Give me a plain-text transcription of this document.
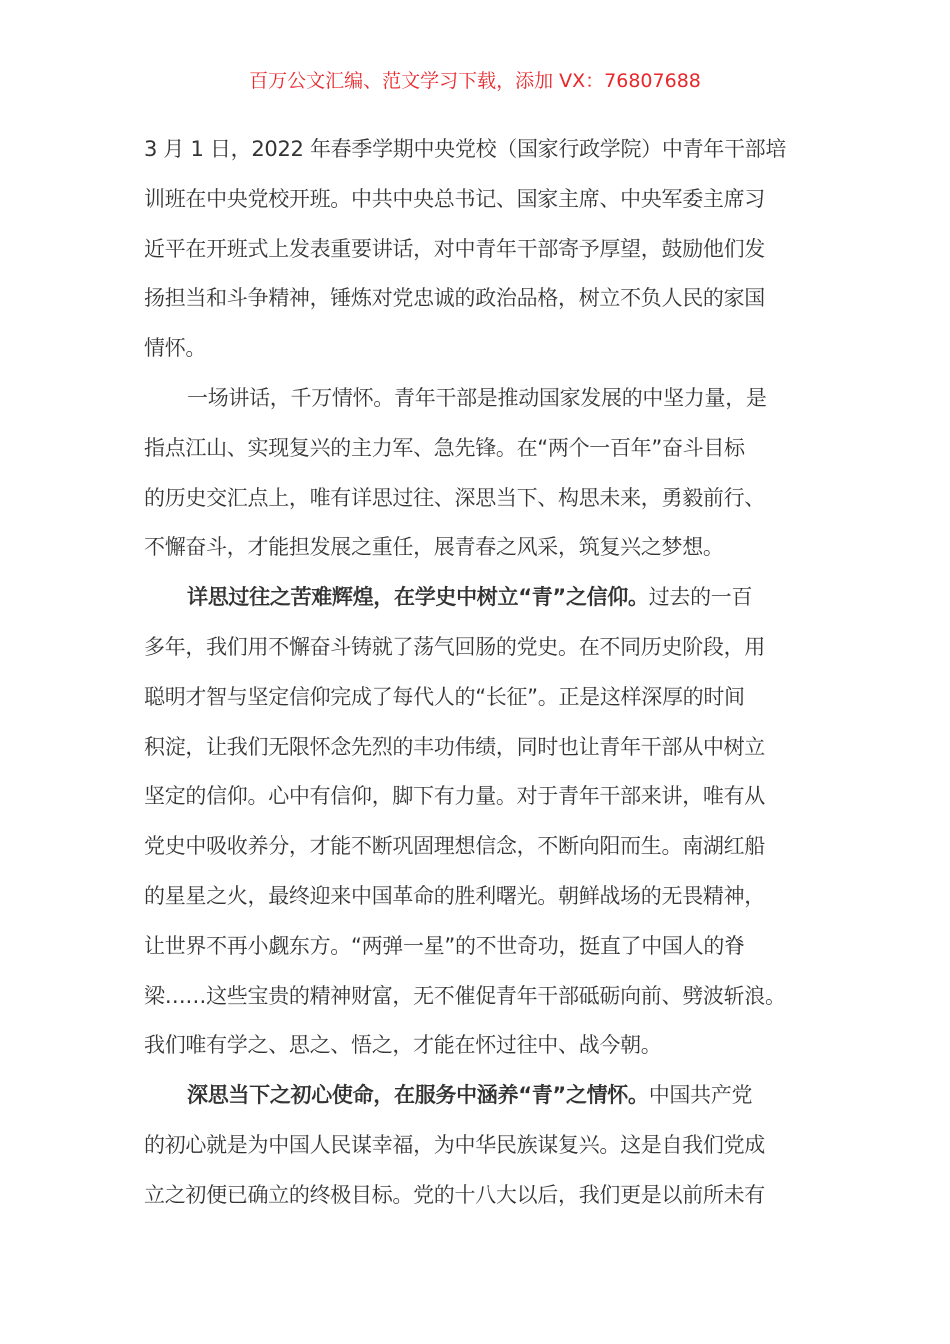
百万公文汇编、范文学习下载，添加 VX：76807688
3 月 1 日，2022 年春季学期中央党校（国家行政学院）中青年干部培
训班在中央党校开班。中共中央总书记、国家主席、中央军委主席习
近平在开班式上发表重要讲话，对中青年干部寄予厚望，鼓励他们发
扬担当和斗争精神，锤炼对党忠诚的政治品格，树立不负人民的家国
情怀。
一场讲话，千万情怀。青年干部是推动国家发展的中坚力量，是
指点江山、实现复兴的主力军、急先锋。在“两个一百年”奋斗目标
的历史交汇点上，唯有详思过往、深思当下、构思未来，勇毅前行、
不懈奋斗，才能担发展之重任，展青春之风采，筑复兴之梦想。
详思过往之苦难辉煌，在学史中树立“青”之信仰。过去的一百
多年，我们用不懈奋斗铸就了荡气回肠的党史。在不同历史阶段，用
聪明才智与坚定信仰完成了每代人的“长征”。正是这样深厚的时间
积淀，让我们无限怀念先烈的丰功伟绩，同时也让青年干部从中树立
坚定的信仰。心中有信仰，脚下有力量。对于青年干部来讲，唯有从
党史中吸收养分，才能不断巩固理想信念，不断向阳而生。南湖红船
的星星之火，最终迎来中国革命的胜利曙光。朝鲜战场的无畏精神，
让世界不再小觑东方。“两弹一星”的不世奇功，挺直了中国人的脊
梁……这些宝贵的精神财富，无不催促青年干部砥砺向前、劈波斩浪。
我们唯有学之、思之、悟之，才能在怀过往中、战今朝。
深思当下之初心使命，在服务中涵养“青”之情怀。中国共产党
的初心就是为中国人民谋幸福，为中华民族谋复兴。这是自我们党成
立之初便已确立的终极目标。党的十八大以后，我们更是以前所未有
